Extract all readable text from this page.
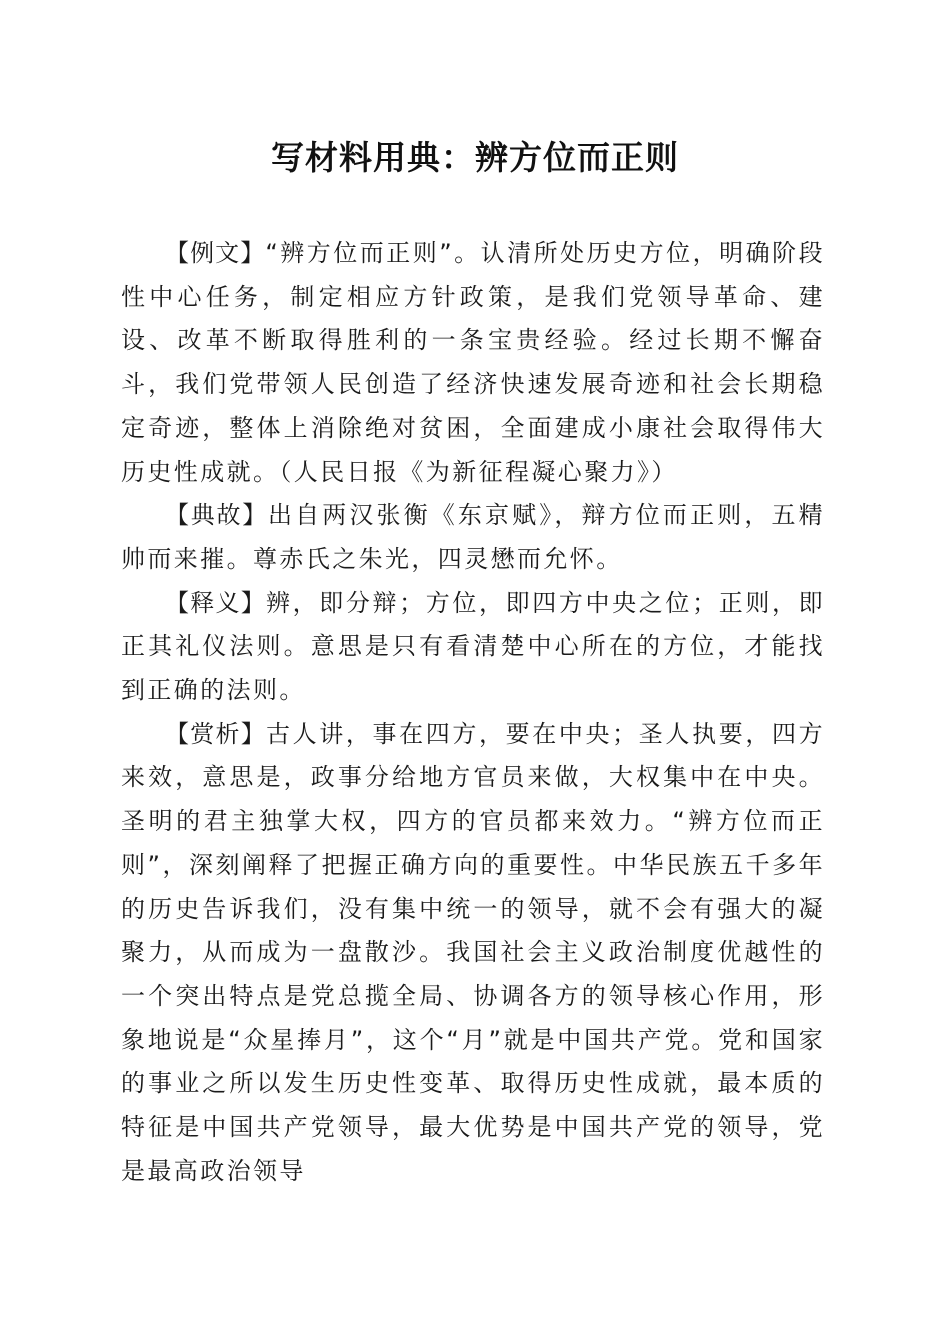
写材料用典：辨方位而正则

【例文】“辨方位而正则”。认清所处历史方位，明确阶段性中心任务，制定相应方针政策，是我们党领导革命、建设、改革不断取得胜利的一条宝贵经验。经过长期不懈奋斗，我们党带领人民创造了经济快速发展奇迹和社会长期稳定奇迹，整体上消除绝对贫困，全面建成小康社会取得伟大历史性成就。（人民日报《为新征程凝心聚力》）

【典故】出自两汉张衡《东京赋》，辩方位而正则，五精帅而来摧。尊赤氏之朱光，四灵懋而允怀。

【释义】辨，即分辩；方位，即四方中央之位；正则，即正其礼仪法则。意思是只有看清楚中心所在的方位，才能找到正确的法则。

【赏析】古人讲，事在四方，要在中央；圣人执要，四方来效，意思是，政事分给地方官员来做，大权集中在中央。圣明的君主独掌大权，四方的官员都来效力。“辨方位而正则”，深刻阐释了把握正确方向的重要性。中华民族五千多年的历史告诉我们，没有集中统一的领导，就不会有强大的凝聚力，从而成为一盘散沙。我国社会主义政治制度优越性的一个突出特点是党总揽全局、协调各方的领导核心作用，形象地说是“众星捧月”，这个“月”就是中国共产党。党和国家的事业之所以发生历史性变革、取得历史性成就，最本质的特征是中国共产党领导，最大优势是中国共产党的领导，党是最高政治领导
